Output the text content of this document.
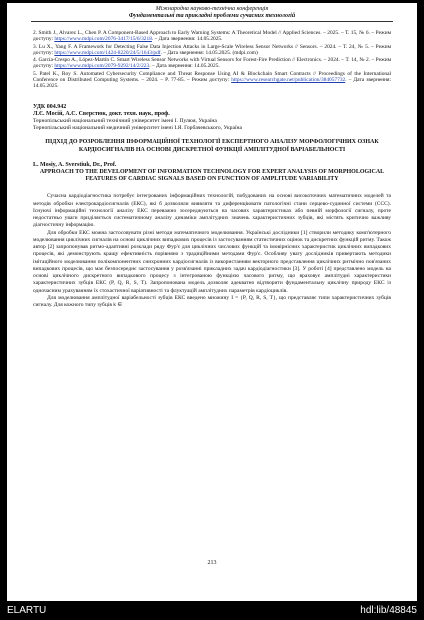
Міжнародна науково-технічна конференція
Фундаментальні та прикладні проблеми сучасних технологій
2. Smith J., Alvarez L., Chen P. A Component-Based Approach to Early Warning Systems: A Theoretical Model // Applied Sciences. – 2025. – Т. 15, № 6. – Режим доступу: https://www.mdpi.com/2076-3417/15/6/3218. – Дата звернення: 14.05.2025.
3. Lu X., Yang F. A Framework for Detecting False Data Injection Attacks in Large-Scale Wireless Sensor Networks // Sensors. – 2024. – Т. 24, № 5. – Режим доступу: https://www.mdpi.com/1424-8220/24/5/1643/pdf. – Дата звернення: 14.05.2025. (mdpi.com)
4. Garcia-Crespo A., López-Martín C. Smart Wireless Sensor Networks with Virtual Sensors for Forest-Fire Prediction // Electronics. – 2024. – Т. 14, № 2. – Режим доступу: https://www.mdpi.com/2079-9292/14/2/223. – Дата звернення: 14.05.2025.
5. Patel K., Roy S. Automated Cybersecurity Compliance and Threat Response Using AI & Blockchain Smart Contracts // Proceedings of the International Conference on Distributed Computing Systems. – 2024. – P. 77-85. – Режим доступу: https://www.researchgate.net/publication/384057732. – Дата звернення: 14.05.2025.
УДК 004.942
Л.Є. Мосій, А.С. Сверстюк, докт. техн. наук, проф.
Тернопільський національний технічний університет імені І. Пулюя, Україна
Тернопільський національний медичний університет імені І.Я. Горбачевського, Україна
ПІДХІД ДО РОЗРОБЛЕННЯ ІНФОРМАЦІЙНОЇ ТЕХНОЛОГІЇ ЕКСПЕРТНОГО АНАЛІЗУ МОРФОЛОГІЧНИХ ОЗНАК КАРДІОСИГНАЛІВ НА ОСНОВІ ДИСКРЕТНОЇ ФУНКЦІЇ АМПЛІТУДНОЇ ВАРІАБЕЛЬНОСТІ
L. Mosiy, A. Sverstiuk, Dr., Prof.
APPROACH TO THE DEVELOPMENT OF INFORMATION TECHNOLOGY FOR EXPERT ANALYSIS OF MORPHOLOGICAL FEATURES OF CARDIAC SIGNALS BASED ON FUNCTION OF AMPLITUDE VARIABILITY

Сучасна кардіодіагностика потребує інтегрованих інформаційних технологій, побудованих на основі високоточних математичних моделей та методів обробки електрокардіосигналів (ЕКС), які б дозволяли виявляти та диференціювати патологічні стани серцево-судинної системи (ССС). Існуючі інформаційні технології аналізу ЕКС переважно зосереджуються на часових характеристиках або певній морфології сигналу, проте недостатньо уваги приділяється систематичному аналізу динаміки амплітудних значень характеристичних зубців, які містять критично важливу діагностичну інформацію.

Для обробки ЕКС можна застосовувати різні методи математичного моделювання. Українські дослідники [1] створили методику комп'ютерного моделювання циклічних сигналів на основі циклічних випадкових процесів із застосуванням статистичних оцінок та дискретних функцій ритму. Також автор [2] запропонував ритмо-адаптивні розклади ряду Фур'є для циклічних числових функцій та імовірнісних характеристик циклічних випадкових процесів, які демонструють кращу ефективність порівняно з традиційними методами Фур'є. Особливу увагу дослідників привертають методики імітаційного моделювання полікомпонентних синхронних кардіосигналів із використанням векторного представлення циклічних ритмічно пов'язаних випадкових процесів, що має безпосереднє застосування у розв'язанні прикладних задач кардіодіагностики [3]. У роботі [4] представлено модель на основі циклічного дискретного випадкового процесу з інтегрованою функцією часового ритму, що враховує амплітудні характеристики характеристичних зубців ЕКС (P, Q, R, S, T). Запропонована модель дозволяє адекватно відтворити фундаментальну циклічну природу ЕКС із одночасним урахуванням їх стохастичної варіативності та флуктуацій амплітудних параметрів кардіоциклів.

Для моделювання амплітудної варіабельності зубців ЕКС введено множину I = {P, Q, R, S, T}, що представляє типи характеристичних зубців сигналу. Для кожного типу зубців k ∈

213
ELARTU	hdl:lib/48845
